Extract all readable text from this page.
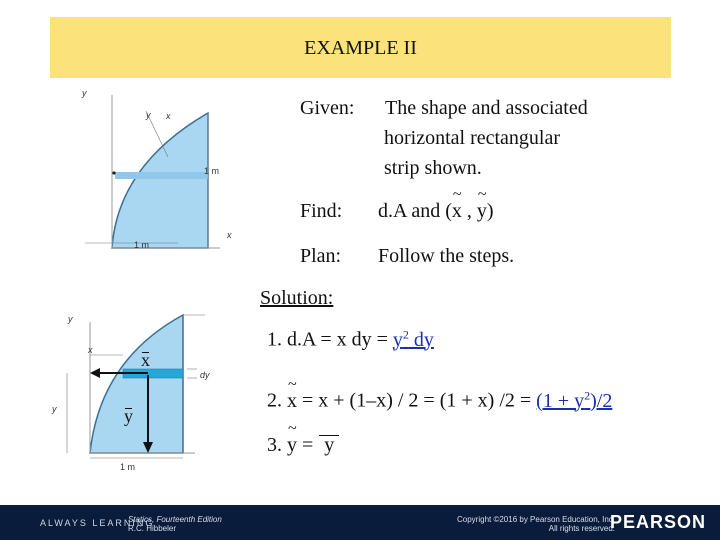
EXAMPLE II
y
y x
x
1 m
1 m
Given: The shape and associated
horizontal rectangular
strip shown.
Find: d.A and (~ x , ~ y)
Plan: Follow the steps.
Solution:
y
x
dy
x
y
y
1 m
1. d.A = x dy = $y^2$ dy
2. ~ x = x + (1–x) / 2 = (1 + x) $/2 = (1 + y^2)/2$
3. ~ y = y
ALWAYS LEARNING
Statics, Fourteenth Edition
R.C. Hibbeler
Copyright ©2016 by Pearson Education, Inc.
All rights reserved.
PEARSON
